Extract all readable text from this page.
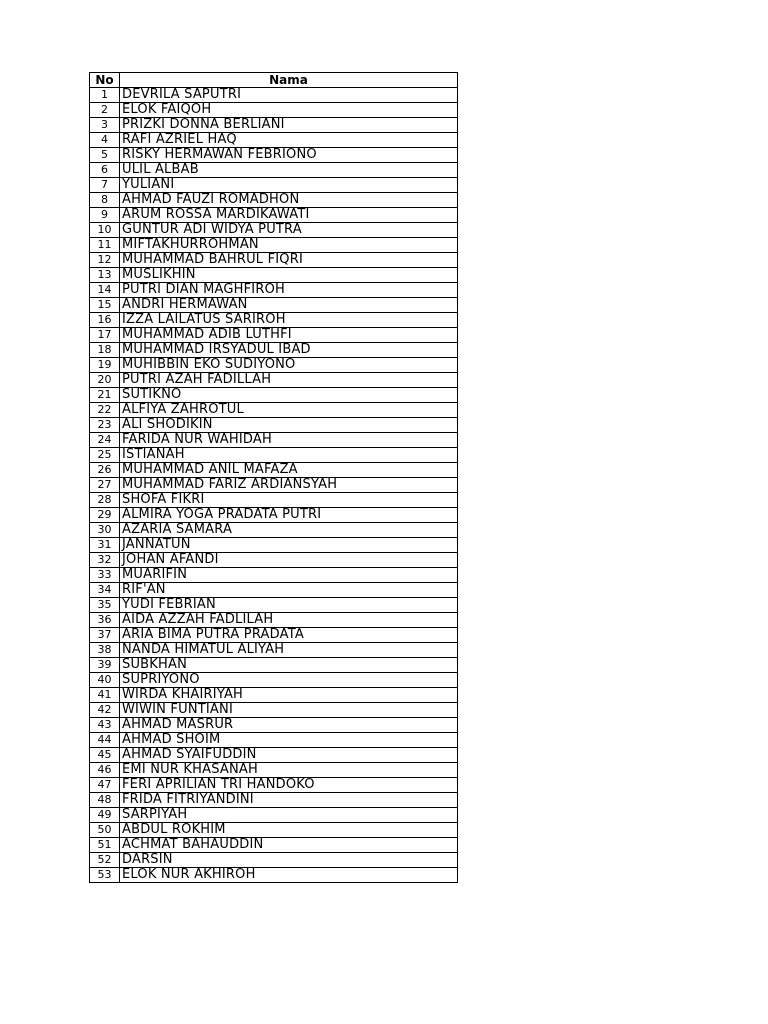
No	Nama
1	DEVRILA SAPUTRI
2	ELOK FAIQOH
3	PRIZKI DONNA BERLIANI
4	RAFI AZRIEL HAQ
5	RISKY HERMAWAN FEBRIONO
6	ULIL ALBAB
7	YULIANI
8	AHMAD FAUZI ROMADHON
9	ARUM ROSSA MARDIKAWATI
10	GUNTUR ADI WIDYA PUTRA
11	MIFTAKHURROHMAN
12	MUHAMMAD BAHRUL FIQRI
13	MUSLIKHIN
14	PUTRI DIAN MAGHFIROH
15	ANDRI HERMAWAN
16	IZZA LAILATUS SARIROH
17	MUHAMMAD ADIB LUTHFI
18	MUHAMMAD IRSYADUL IBAD
19	MUHIBBIN EKO SUDIYONO
20	PUTRI AZAH FADILLAH
21	SUTIKNO
22	ALFIYA ZAHROTUL
23	ALI SHODIKIN
24	FARIDA NUR WAHIDAH
25	ISTIANAH
26	MUHAMMAD ANIL MAFAZA
27	MUHAMMAD FARIZ ARDIANSYAH
28	SHOFA FIKRI
29	ALMIRA YOGA PRADATA PUTRI
30	AZARIA SAMARA
31	JANNATUN
32	JOHAN AFANDI
33	MUARIFIN
34	RIF'AN
35	YUDI FEBRIAN
36	AIDA AZZAH FADLILAH
37	ARIA BIMA PUTRA PRADATA
38	NANDA HIMATUL ALIYAH
39	SUBKHAN
40	SUPRIYONO
41	WIRDA KHAIRIYAH
42	WIWIN FUNTIANI
43	AHMAD MASRUR
44	AHMAD SHOIM
45	AHMAD SYAIFUDDIN
46	EMI NUR KHASANAH
47	FERI APRILIAN TRI HANDOKO
48	FRIDA FITRIYANDINI
49	SARPIYAH
50	ABDUL ROKHIM
51	ACHMAT BAHAUDDIN
52	DARSIN
53	ELOK NUR AKHIROH
